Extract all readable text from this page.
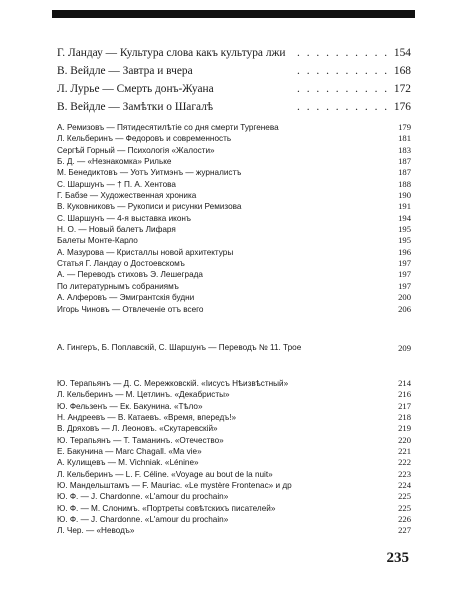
Г. Ландау — Культура слова какъ культура лжи . . . . . . . . . . 154
В. Вейдле — Завтра и вчера	. . . . . . . . . . 168
Л. Лурье — Смерть донъ-Жуана	. . . . . . . . . . 172
В. Вейдле — Замѣтки о Шагалѣ	. . . . . . . . . . 176
А. Ремизовъ — Пятидесятилѣтiе со дня смерти Тургенева	179
Л. Кельберинъ — Федоровъ и современность	181
Сергѣй Горный — Психологiя «Жалости»	183
Б. Д. — «Незнакомка» Рильке	187
М. Бенедиктовъ — Уотъ Уитмэнъ — журналистъ	187
С. Шаршунъ — † П. А. Хентова	188
Г. Бабзе — Художественная хроника	190
В. Куковниковъ — Рукописи и рисунки Ремизова	191
С. Шаршунъ — 4-я выставка иконъ	194
Н. О. — Новый балетъ Лифаря	195
Балеты Монте-Карло	195
А. Мазурова — Кристаллы новой архитектуры	196
Статья Г. Ландау о Достоевскомъ	197
А. — Переводъ стиховъ Э. Лешеграда	197
По литературнымъ собраниямъ	197
А. Алферовъ — Эмигрантскiя будни	200
Игорь Чиновъ — Отвлеченiе отъ всего	206
А. Гингеръ, Б. Поплавскiй, С. Шаршунъ — Переводъ № 11. Трое	209
Ю. Терапьянъ — Д. С. Мережковскiй. «Iисусъ Нѣизвѣстный»	214
Л. Кельберинъ — М. Цетлинъ. «Декабристы»	216
Ю. Фельзенъ — Ек. Бакунина. «Тѣло»	217
Н. Андреевъ — В. Катаевъ. «Время, впередъ!»	218
В. Дряховъ — Л. Леоновъ. «Скутаревскiй»	219
Ю. Терапьянъ — Т. Таманинъ. «Отечество»	220
Е. Бакунина — Marc Chagall. «Ma vie»	221
А. Кулищевъ — M. Vichniak. «Lénine»	222
Л. Кельберинъ — L. F. Céline. «Voyage au bout de la nuit»	223
Ю. Мандельштамъ — F. Mauriac. «Le mystère Frontenac» и др	224
Ю. Ф. — J. Chardonne. «L'amour du prochain»	225
Ю. Ф. — М. Слонимъ. «Портреты совѣтскихъ писателей»	225
Ю. Ф. — J. Chardonne. «L'amour du prochain»	226
Л. Чер. — «Неводъ»	227
235
